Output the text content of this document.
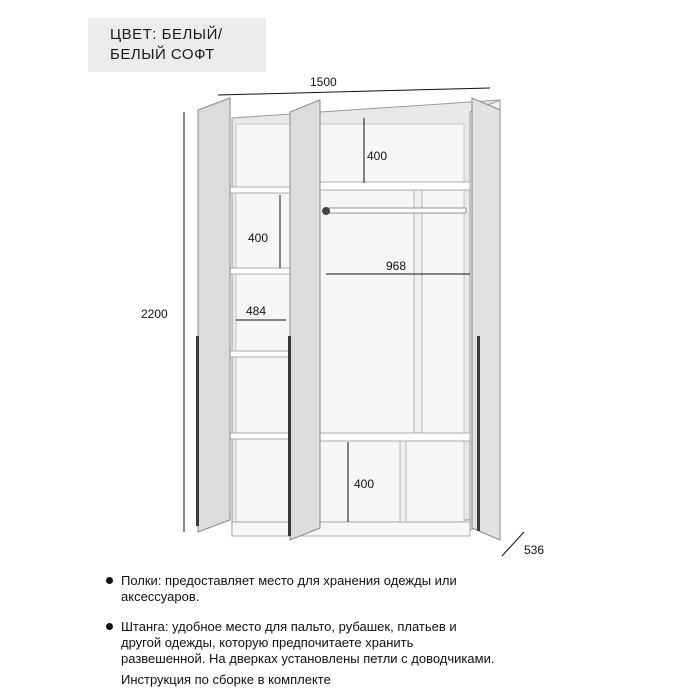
ЦВЕТ: БЕЛЫЙ/
БЕЛЫЙ СОФТ
1500
2200
400
400
400
968
484
536
Полки: предоставляет место для хранения одежды или
аксессуаров.
Штанга: удобное место для пальто, рубашек, платьев и
другой одежды, которую предпочитаете хранить
развешенной. На дверках установлены петли с доводчиками.
Инструкция по сборке в комплекте
